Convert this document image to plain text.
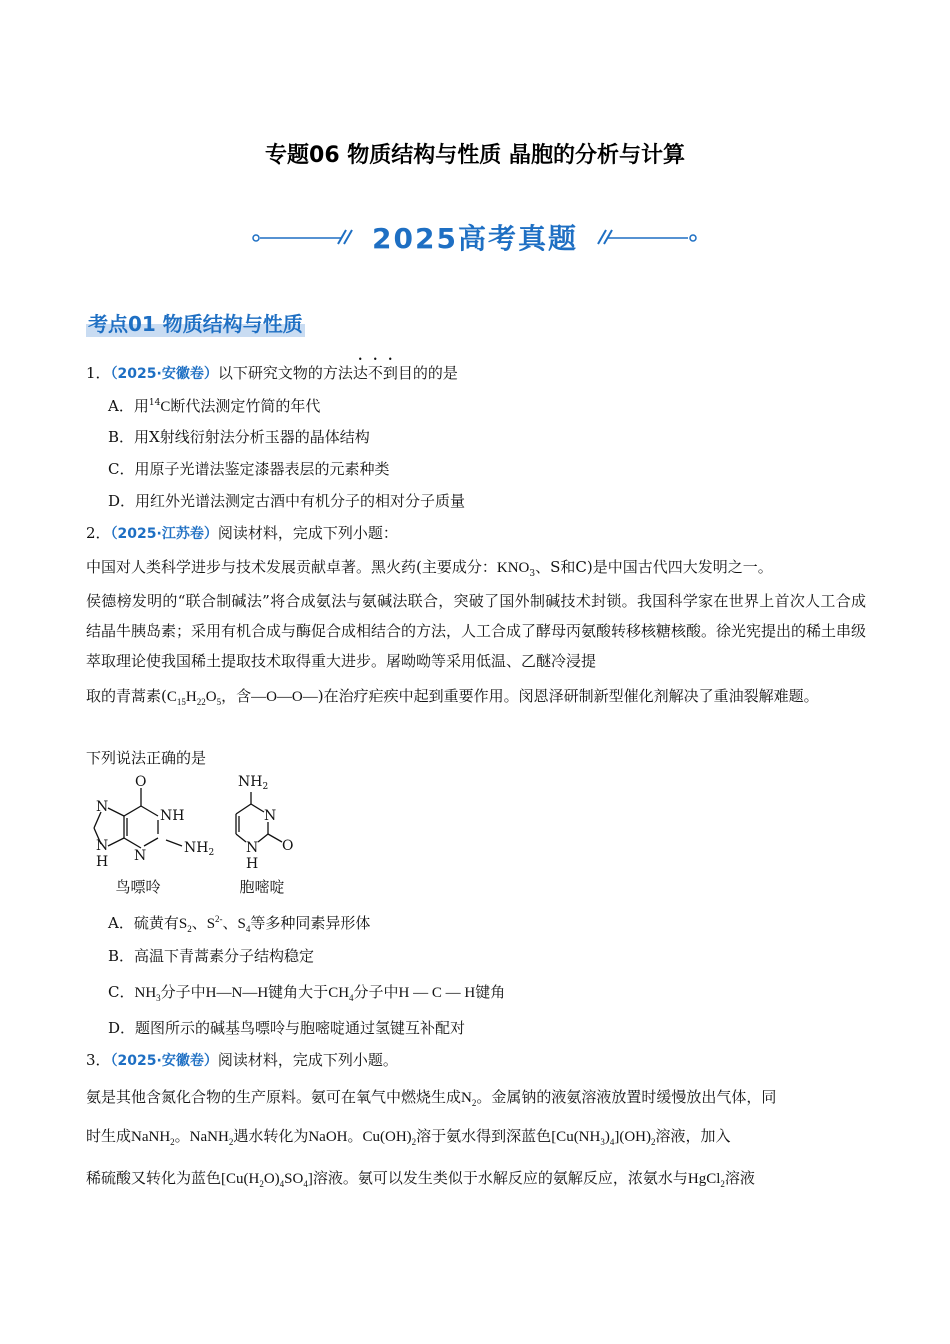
专题06 物质结构与性质 晶胞的分析与计算
2025高考真题
考点01 物质结构与性质
1．（2025·安徽卷）以下研究文物的方法达不到目的的是
A．用$^{14}$C断代法测定竹简的年代
B．用X射线衍射法分析玉器的晶体结构
C．用原子光谱法鉴定漆器表层的元素种类
D．用红外光谱法测定古酒中有机分子的相对分子质量
2．（2025·江苏卷）阅读材料，完成下列小题：
中国对人类科学进步与技术发展贡献卓著。黑火药(主要成分：$KNO_3$、S和C)是中国古代四大发明之一。
侯德榜发明的“联合制碱法”将合成氨法与氨碱法联合，突破了国外制碱技术封锁。我国科学家在世界上首次人工合成结晶牛胰岛素；采用有机合成与酶促合成相结合的方法，人工合成了酵母丙氨酸转移核糖核酸。徐光宪提出的稀土串级萃取理论使我国稀土提取技术取得重大进步。屠呦呦等采用低温、乙醚冷浸提
取的青蒿素($C_{15}H_{22}O_5$，含—O—O—)在治疗疟疾中起到重要作用。闵恩泽研制新型催化剂解决了重油裂解难题。
下列说法正确的是
O
NH
N
N
N
H
$NH_2$
$NH_2$
N
N
H
O
鸟嘌呤	胞嘧啶
A．硫黄有$S_2$、$S^{2-}$、$S_4$等多种同素异形体
B．高温下青蒿素分子结构稳定
C．$NH_3$分子中H—N—H键角大于$CH_4$分子中H — C — H键角
D．题图所示的碱基鸟嘌呤与胞嘧啶通过氢键互补配对
3．（2025·安徽卷）阅读材料，完成下列小题。
氨是其他含氮化合物的生产原料。氨可在氧气中燃烧生成$N_2$。金属钠的液氨溶液放置时缓慢放出气体，同
时生成NaNH$_2$。NaNH$_2$遇水转化为NaOH。$Cu(OH)_2$溶于氨水得到深蓝色$[Cu(NH_3)_4](OH)_2$溶液，加入
稀硫酸又转化为蓝色$[Cu(H_2O)_4SO_4]$溶液。氨可以发生类似于水解反应的氨解反应，浓氨水与HgCl$_2$溶液
